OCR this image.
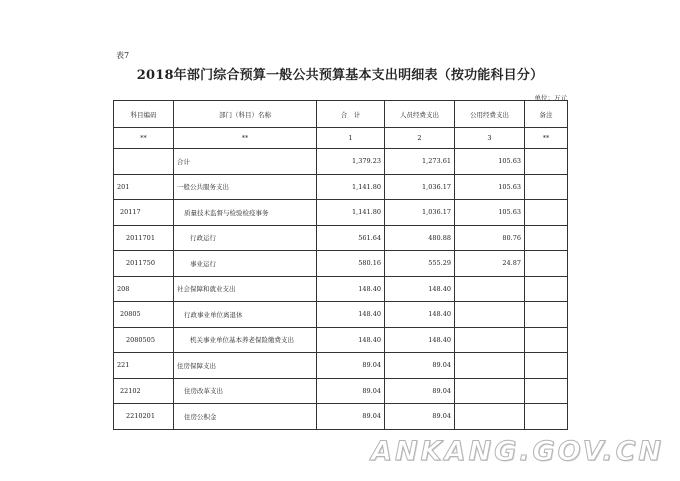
表7
2018年部门综合预算一般公共预算基本支出明细表（按功能科目分）
单位：万元
科目编码	部门（科目）名称	合　计	人员经费支出	公用经费支出	备注
**	**	1	2	3	**
	合计	1,379.23	1,273.61	105.63	
201	一般公共服务支出	1,141.80	1,036.17	105.63	
20117	质量技术监督与检验检疫事务	1,141.80	1,036.17	105.63	
2011701	行政运行	561.64	480.88	80.76	
2011750	事业运行	580.16	555.29	24.87	
208	社会保障和就业支出	148.40	148.40		
20805	行政事业单位离退休	148.40	148.40		
2080505	机关事业单位基本养老保险缴费支出	148.40	148.40		
221	住房保障支出	89.04	89.04		
22102	住房改革支出	89.04	89.04		
2210201	住房公积金	89.04	89.04		
ANKANG.GOV.CN
